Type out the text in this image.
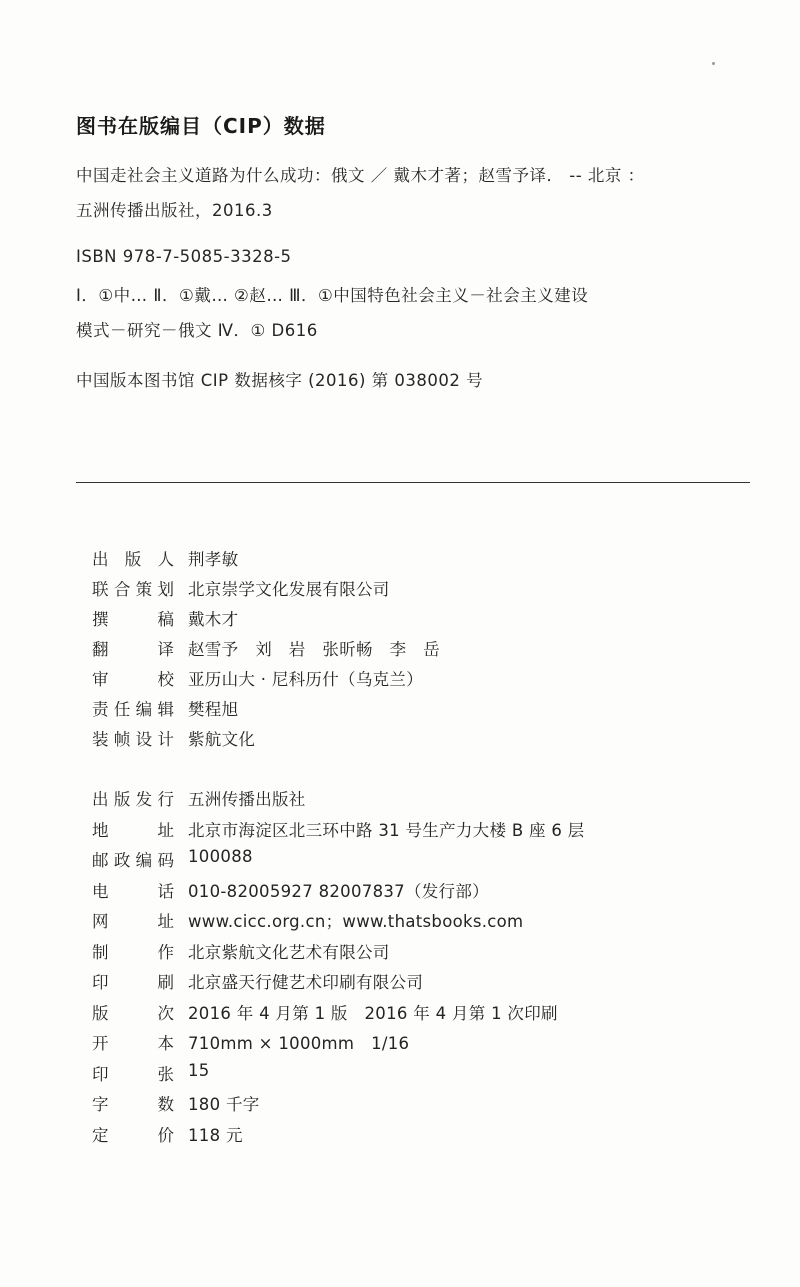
图书在版编目（CIP）数据
中国走社会主义道路为什么成功：俄文 ／ 戴木才著；赵雪予译． -- 北京 ：
五洲传播出版社，2016.3
ISBN 978-7-5085-3328-5
Ⅰ．①中… Ⅱ．①戴… ②赵… Ⅲ．①中国特色社会主义－社会主义建设
模式－研究－俄文 Ⅳ．① D616
中国版本图书馆 CIP 数据核字 (2016) 第 038002 号
出 版 人 荆孝敏
联 合 策 划 北京崇学文化发展有限公司
撰	稿 戴木才
翻	译 赵雪予　刘　岩　张昕畅　李　岳
审	校 亚历山大 · 尼科历什（乌克兰）
责 任 编 辑 樊程旭
装 帧 设 计 紫航文化
出 版 发 行 五洲传播出版社
地	址 北京市海淀区北三环中路 31 号生产力大楼 B 座 6 层
邮 政 编 码 100088
电	话 010-82005927 82007837（发行部）
网	址 www.cicc.org.cn；www.thatsbooks.com
制	作 北京紫航文化艺术有限公司
印	刷 北京盛天行健艺术印刷有限公司
版	次 2016 年 4 月第 1 版　2016 年 4 月第 1 次印刷
开	本 710mm × 1000mm　1/16
印	张 15
字	数 180 千字
定	价 118 元
